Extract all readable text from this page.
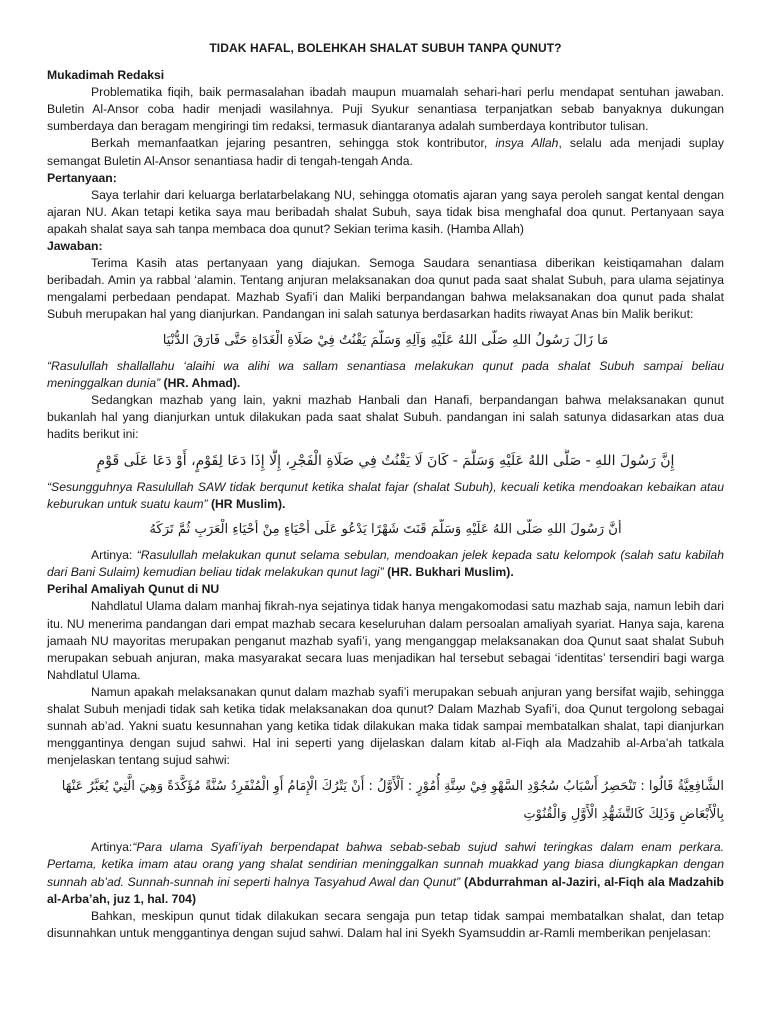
TIDAK HAFAL, BOLEHKAH SHALAT SUBUH TANPA QUNUT?
Mukadimah Redaksi

Problematika fiqih, baik permasalahan ibadah maupun muamalah sehari-hari perlu mendapat sentuhan jawaban. Buletin Al-Ansor coba hadir menjadi wasilahnya. Puji Syukur senantiasa terpanjatkan sebab banyaknya dukungan sumberdaya dan beragam mengiringi tim redaksi, termasuk diantaranya adalah sumberdaya kontributor tulisan.

Berkah memanfaatkan jejaring pesantren, sehingga stok kontributor, insya Allah, selalu ada menjadi suplay semangat Buletin Al-Ansor senantiasa hadir di tengah-tengah Anda.

Pertanyaan:

Saya terlahir dari keluarga berlatarbelakang NU, sehingga otomatis ajaran yang saya peroleh sangat kental dengan ajaran NU. Akan tetapi ketika saya mau beribadah shalat Subuh, saya tidak bisa menghafal doa qunut. Pertanyaan saya apakah shalat saya sah tanpa membaca doa qunut? Sekian terima kasih. (Hamba Allah)

Jawaban:

Terima Kasih atas pertanyaan yang diajukan. Semoga Saudara senantiasa diberikan keistiqamahan dalam beribadah. Amin ya rabbal ‘alamin. Tentang anjuran melaksanakan doa qunut pada saat shalat Subuh, para ulama sejatinya mengalami perbedaan pendapat. Mazhab Syafi’i dan Maliki berpandangan bahwa melaksanakan doa qunut pada shalat Subuh merupakan hal yang dianjurkan. Pandangan ini salah satunya berdasarkan hadits riwayat Anas bin Malik berikut:

مَا زَالَ رَسُولُ اللهِ صَلَّى اللهُ عَلَيْهِ وَآلِهِ وَسَلَّمَ يَقْنُتُ فِيْ صَلَاةِ الْغَدَاةِ حَتَّى فَارَقَ الدُّنْيَا

“Rasulullah shallallahu ‘alaihi wa alihi wa sallam senantiasa melakukan qunut pada shalat Subuh sampai beliau meninggalkan dunia” (HR. Ahmad).

Sedangkan mazhab yang lain, yakni mazhab Hanbali dan Hanafi, berpandangan bahwa melaksanakan qunut bukanlah hal yang dianjurkan untuk dilakukan pada saat shalat Subuh. pandangan ini salah satunya didasarkan atas dua hadits berikut ini:

إِنَّ رَسُولَ اللهِ - صَلَّى اللهُ عَلَيْهِ وَسَلَّمَ - كَانَ لَا يَقْنُتُ فِي صَلَاةِ الْفَجْرِ، إِلَّا إِذَا دَعَا لِقَوْمٍ، أَوْ دَعَا عَلَى قَوْمٍ

“Sesungguhnya Rasulullah SAW tidak berqunut ketika shalat fajar (shalat Subuh), kecuali ketika mendoakan kebaikan atau keburukan untuk suatu kaum” (HR Muslim).

أَنَّ رَسُولَ اللهِ صَلَّى اللهُ عَلَيْهِ وَسَلَّمَ قَنَتَ شَهْرًا يَدْعُو عَلَى أَحْيَاءٍ مِنْ أَحْيَاءِ الْعَرَبِ ثُمَّ تَرَكَهُ

Artinya: “Rasulullah melakukan qunut selama sebulan, mendoakan jelek kepada satu kelompok (salah satu kabilah dari Bani Sulaim) kemudian beliau tidak melakukan qunut lagi” (HR. Bukhari Muslim).

Perihal Amaliyah Qunut di NU

Nahdlatul Ulama dalam manhaj fikrah-nya sejatinya tidak hanya mengakomodasi satu mazhab saja, namun lebih dari itu. NU menerima pandangan dari empat mazhab secara keseluruhan dalam persoalan amaliyah syariat. Hanya saja, karena jamaah NU mayoritas merupakan penganut mazhab syafi’i, yang menganggap melaksanakan doa Qunut saat shalat Subuh merupakan sebuah anjuran, maka masyarakat secara luas menjadikan hal tersebut sebagai ‘identitas’ tersendiri bagi warga Nahdlatul Ulama.

Namun apakah melaksanakan qunut dalam mazhab syafi’i merupakan sebuah anjuran yang bersifat wajib, sehingga shalat Subuh menjadi tidak sah ketika tidak melaksanakan doa qunut? Dalam Mazhab Syafi’i, doa Qunut tergolong sebagai sunnah ab’ad. Yakni suatu kesunnahan yang ketika tidak dilakukan maka tidak sampai membatalkan shalat, tapi dianjurkan menggantinya dengan sujud sahwi. Hal ini seperti yang dijelaskan dalam kitab al-Fiqh ala Madzahib al-Arba’ah tatkala menjelaskan tentang sujud sahwi:

الشَّافِعِيَّةُ قَالُوا : تَنْحَصِرُ أَسْبَابُ سُجُوْدِ السَّهْوِ فِيْ سِتَّةِ أُمُوْرٍ : اَلْأَوَّلُ : أَنْ يَتْرُكَ الْإِمَامُ أَوِ الْمُنْفَرِدُ سُنَّةً مُؤَكَّدَةً وَهِيَ الَّتِيْ يُعَبَّرُ عَنْهَا بِالْأَبْعَاضِ وَذَلِكَ كَالتَّشَهُّدِ الْأَوَّلِ وَالْقُنُوْتِ

Artinya:“Para ulama Syafi’iyah berpendapat bahwa sebab-sebab sujud sahwi teringkas dalam enam perkara. Pertama, ketika imam atau orang yang shalat sendirian meninggalkan sunnah muakkad yang biasa diungkapkan dengan sunnah ab’ad. Sunnah-sunnah ini seperti halnya Tasyahud Awal dan Qunut” (Abdurrahman al-Jaziri, al-Fiqh ala Madzahib al-Arba’ah, juz 1, hal. 704)

Bahkan, meskipun qunut tidak dilakukan secara sengaja pun tetap tidak sampai membatalkan shalat, dan tetap disunnahkan untuk menggantinya dengan sujud sahwi. Dalam hal ini Syekh Syamsuddin ar-Ramli memberikan penjelasan:
